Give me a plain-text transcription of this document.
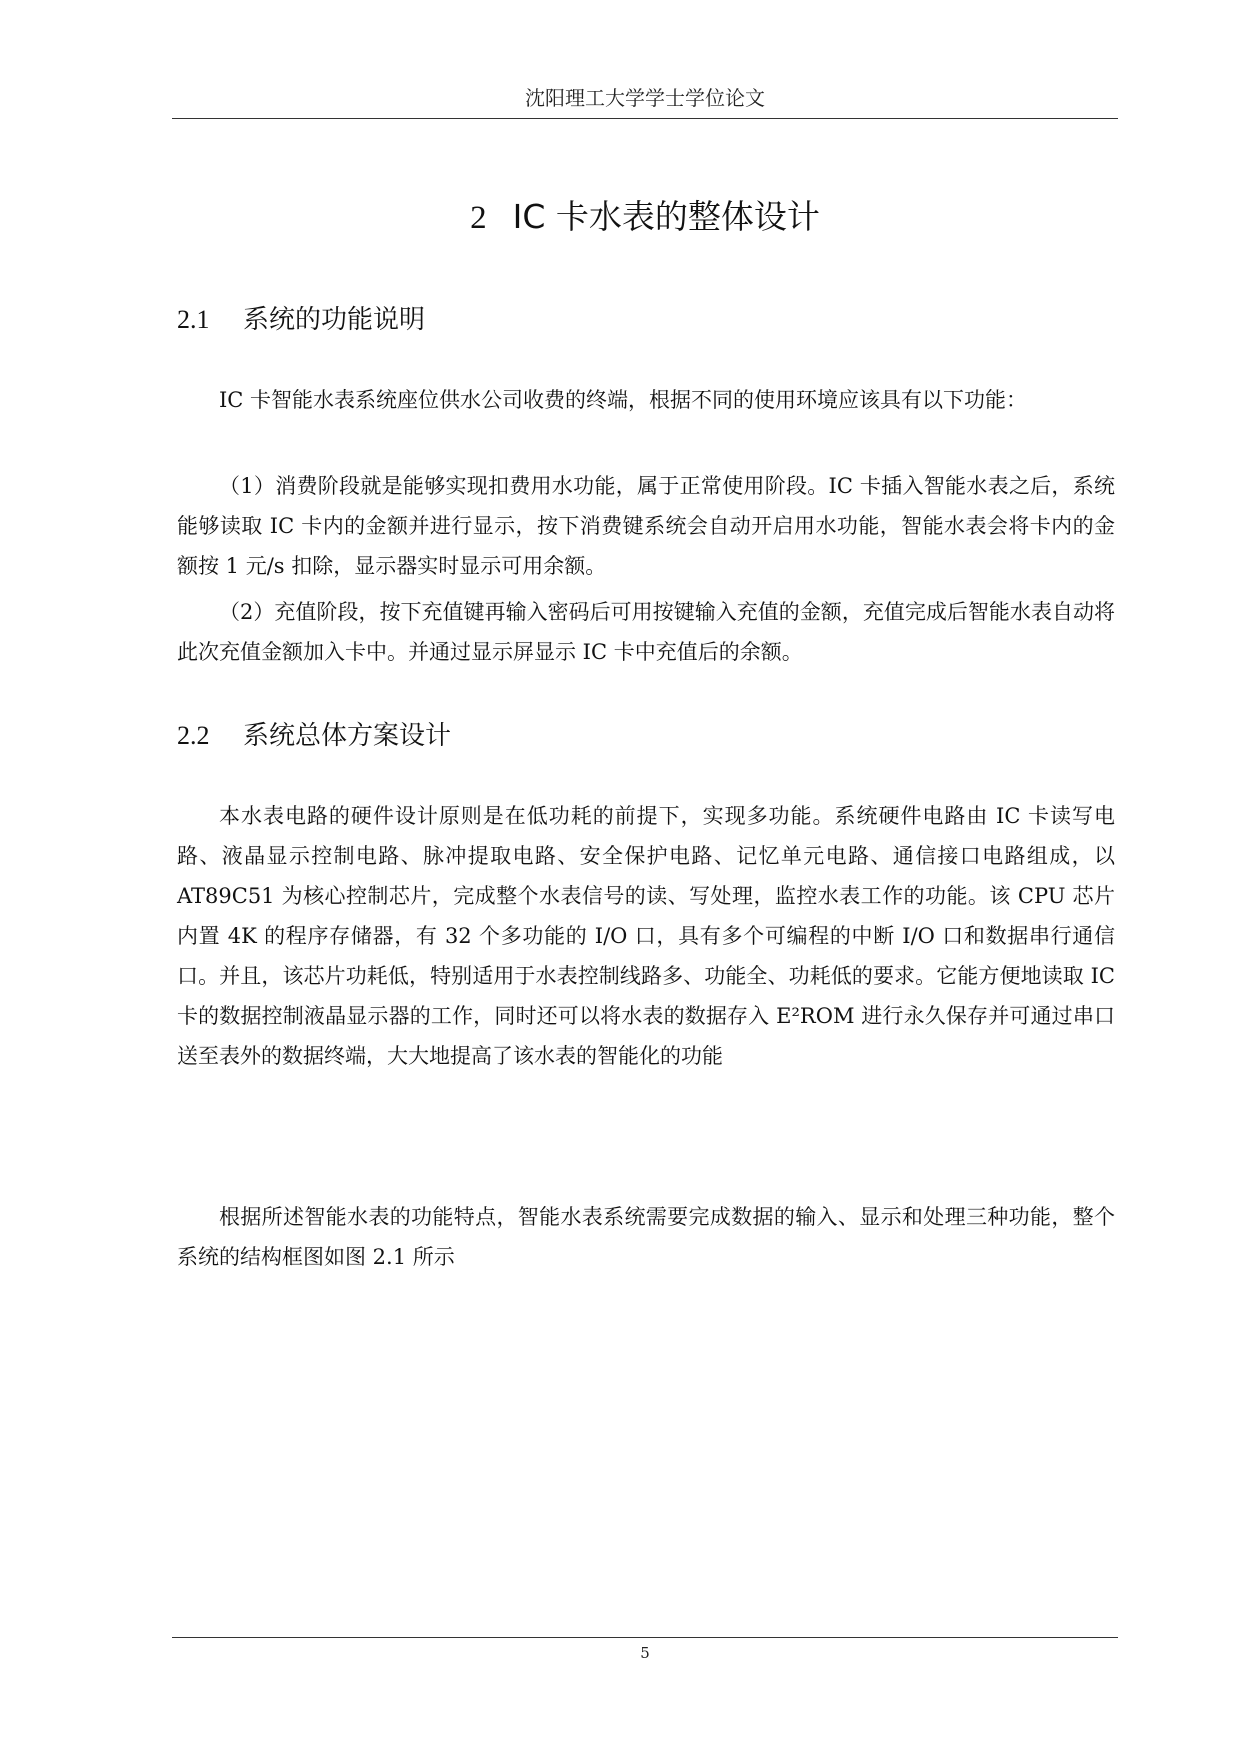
沈阳理工大学学士学位论文
2 IC 卡水表的整体设计
2.1 系统的功能说明

IC 卡智能水表系统座位供水公司收费的终端，根据不同的使用环境应该具有以下功能：

（1）消费阶段就是能够实现扣费用水功能，属于正常使用阶段。IC 卡插入智能水表之后，系统能够读取 IC 卡内的金额并进行显示，按下消费键系统会自动开启用水功能，智能水表会将卡内的金额按 1 元/s 扣除，显示器实时显示可用余额。

（2）充值阶段，按下充值键再输入密码后可用按键输入充值的金额，充值完成后智能水表自动将此次充值金额加入卡中。并通过显示屏显示 IC 卡中充值后的余额。

2.2 系统总体方案设计

本水表电路的硬件设计原则是在低功耗的前提下，实现多功能。系统硬件电路由 IC 卡读写电路、液晶显示控制电路、脉冲提取电路、安全保护电路、记忆单元电路、通信接口电路组成，以 AT89C51 为核心控制芯片，完成整个水表信号的读、写处理，监控水表工作的功能。该 CPU 芯片内置 4K 的程序存储器，有 32 个多功能的 I/O 口，具有多个可编程的中断 I/O 口和数据串行通信口。并且，该芯片功耗低，特别适用于水表控制线路多、功能全、功耗低的要求。它能方便地读取 IC 卡的数据控制液晶显示器的工作，同时还可以将水表的数据存入 E²ROM 进行永久保存并可通过串口送至表外的数据终端，大大地提高了该水表的智能化的功能

根据所述智能水表的功能特点，智能水表系统需要完成数据的输入、显示和处理三种功能，整个系统的结构框图如图 2.1 所示

5
